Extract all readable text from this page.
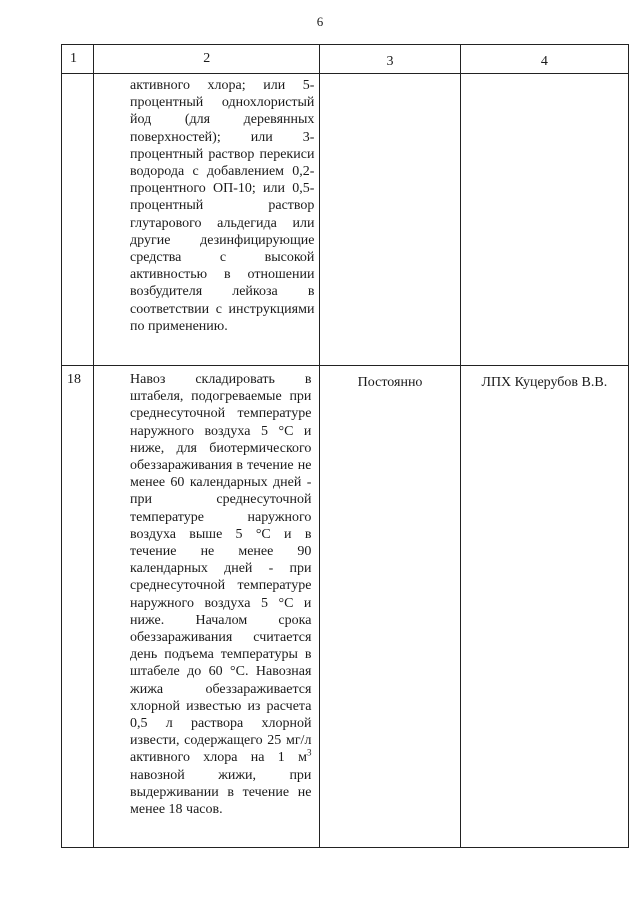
6
1	2	3	4

	активного хлора; или 5-процентный однохлористый йод (для деревянных поверхностей); или 3-процентный раствор перекиси водорода с добавлением 0,2-процентного ОП-10; или 0,5-процентный раствор глутарового альдегида или другие дезинфицирующие средства с высокой активностью в отношении возбудителя лейкоза в соответствии с инструкциями по применению.		

18	Навоз складировать в штабеля, подогреваемые при среднесуточной температуре наружного воздуха 5 °С и ниже, для биотермического обеззараживания в течение не менее 60 календарных дней - при среднесуточной температуре наружного воздуха выше 5 °С и в течение не менее 90 календарных дней - при среднесуточной температуре наружного воздуха 5 °С и ниже. Началом срока обеззараживания считается день подъема температуры в штабеле до 60 °С. Навозная жижа обеззараживается хлорной известью из расчета 0,5 л раствора хлорной извести, содержащего 25 мг/л активного хлора на 1 $м^3$ навозной жижи, при выдерживании в течение не менее 18 часов.	Постоянно	ЛПХ Куцерубов В.В.
